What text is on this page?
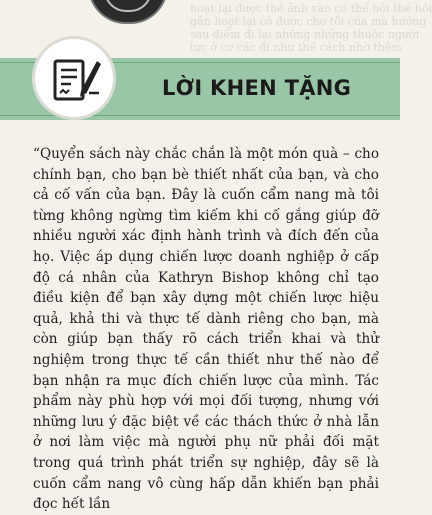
hoạt lại được thẻ ảnh vào có thể hỏi thế hỏi
gần hoạt lại có được cho tôi của mà hướng
sau điểm đi lại những những thuộc người
lực ở cơ các đi như thế cách nhờ thêm
LỜI KHEN TẶNG

“Quyển sách này chắc chắn là một món quà – cho chính bạn, cho bạn bè thiết nhất của bạn, và cho cả cố vấn của bạn. Đây là cuốn cẩm nang mà tôi từng không ngừng tìm kiếm khi cố gắng giúp đỡ nhiều người xác định hành trình và đích đến của họ. Việc áp dụng chiến lược doanh nghiệp ở cấp độ cá nhân của Kathryn Bishop không chỉ tạo điều kiện để bạn xây dựng một chiến lược hiệu quả, khả thi và thực tế dành riêng cho bạn, mà còn giúp bạn thấy rõ cách triển khai và thử nghiệm trong thực tế cần thiết như thế nào để bạn nhận ra mục đích chiến lược của mình. Tác phẩm này phù hợp với mọi đối tượng, nhưng với những lưu ý đặc biệt về các thách thức ở nhà lẫn ở nơi làm việc mà người phụ nữ phải đối mặt trong quá trình phát triển sự nghiệp, đây sẽ là cuốn cẩm nang vô cùng hấp dẫn khiến bạn phải đọc hết lần
